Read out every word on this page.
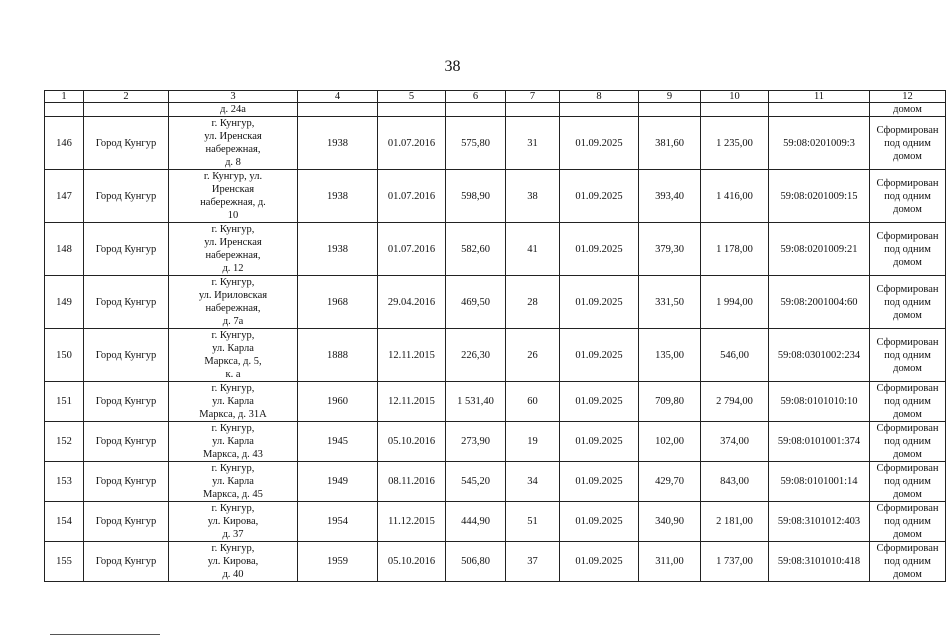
38
1	2	3	4	5	6	7	8	9	10	11	12
		д. 24а									домом
146	Город Кунгур	г. Кунгур,
ул. Иренская
набережная,
д. 8	1938	01.07.2016	575,80	31	01.09.2025	381,60	1 235,00	59:08:0201009:3	Сформирован
под одним
домом
147	Город Кунгур	г. Кунгур, ул.
Иренская
набережная, д.
10	1938	01.07.2016	598,90	38	01.09.2025	393,40	1 416,00	59:08:0201009:15	Сформирован
под одним
домом
148	Город Кунгур	г. Кунгур,
ул. Иренская
набережная,
д. 12	1938	01.07.2016	582,60	41	01.09.2025	379,30	1 178,00	59:08:0201009:21	Сформирован
под одним
домом
149	Город Кунгур	г. Кунгур,
ул. Ириловская
набережная,
д. 7а	1968	29.04.2016	469,50	28	01.09.2025	331,50	1 994,00	59:08:2001004:60	Сформирован
под одним
домом
150	Город Кунгур	г. Кунгур,
ул. Карла
Маркса, д. 5,
к. а	1888	12.11.2015	226,30	26	01.09.2025	135,00	546,00	59:08:0301002:234	Сформирован
под одним
домом
151	Город Кунгур	г. Кунгур,
ул. Карла
Маркса, д. 31А	1960	12.11.2015	1 531,40	60	01.09.2025	709,80	2 794,00	59:08:0101010:10	Сформирован
под одним
домом
152	Город Кунгур	г. Кунгур,
ул. Карла
Маркса, д. 43	1945	05.10.2016	273,90	19	01.09.2025	102,00	374,00	59:08:0101001:374	Сформирован
под одним
домом
153	Город Кунгур	г. Кунгур,
ул. Карла
Маркса, д. 45	1949	08.11.2016	545,20	34	01.09.2025	429,70	843,00	59:08:0101001:14	Сформирован
под одним
домом
154	Город Кунгур	г. Кунгур,
ул. Кирова,
д. 37	1954	11.12.2015	444,90	51	01.09.2025	340,90	2 181,00	59:08:3101012:403	Сформирован
под одним
домом
155	Город Кунгур	г. Кунгур,
ул. Кирова,
д. 40	1959	05.10.2016	506,80	37	01.09.2025	311,00	1 737,00	59:08:3101010:418	Сформирован
под одним
домом
